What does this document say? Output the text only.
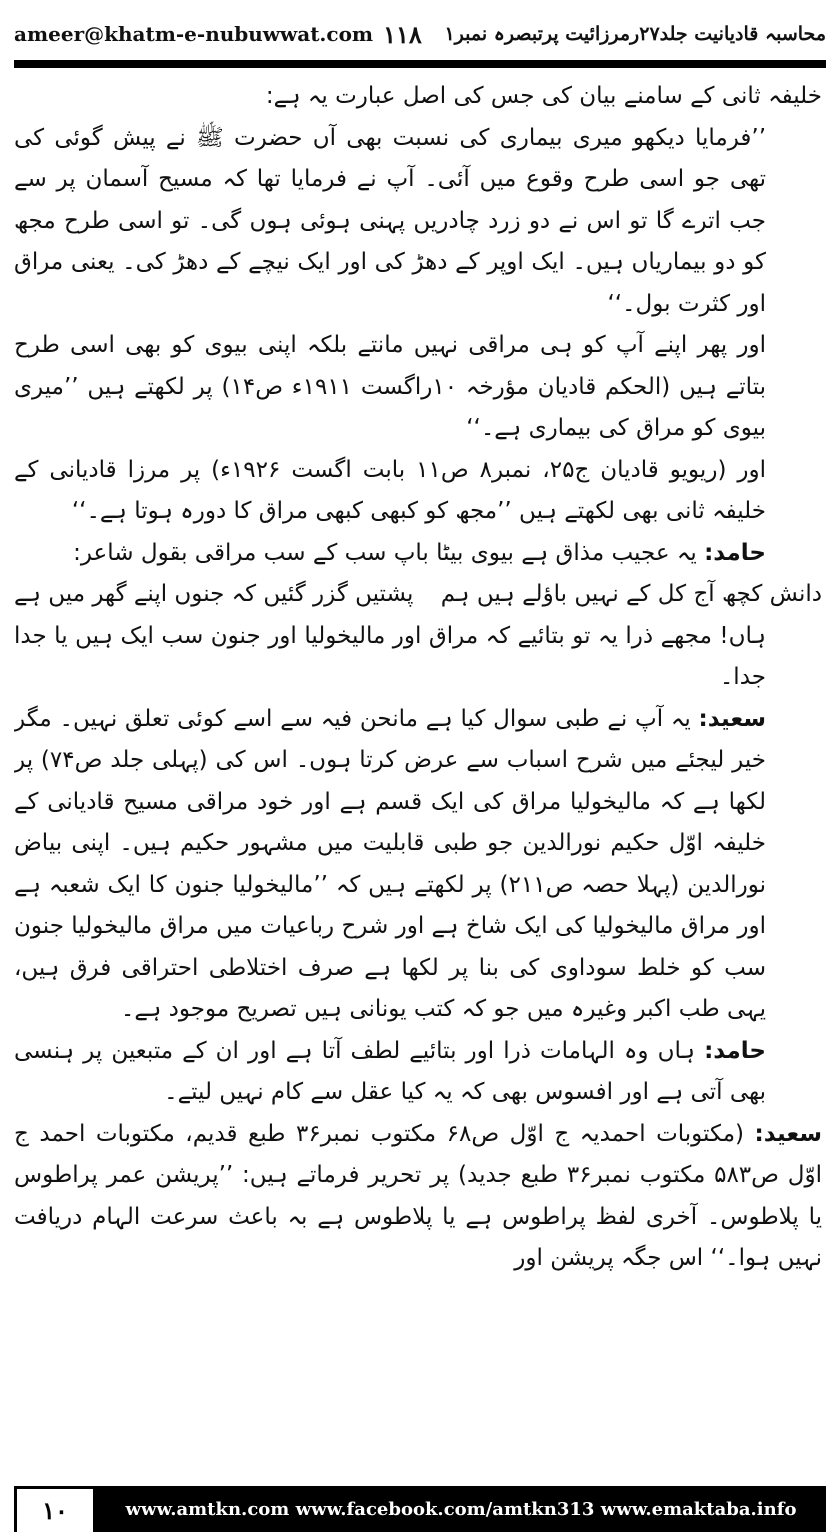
ameer@khatm-e-nubuwwat.com ۱۱۸ محاسبہ قادیانیت جلد۲۷رمرزائیت پرتبصرہ نمبر۱

خلیفہ ثانی کے سامنے بیان کی جس کی اصل عبارت یہ ہے:

’’فرمایا دیکھو میری بیماری کی نسبت بھی آں حضرت ﷺ نے پیش گوئی کی تھی جو اسی طرح وقوع میں آئی۔ آپ نے فرمایا تھا کہ مسیح آسمان پر سے جب اترے گا تو اس نے دو زرد چادریں پہنی ہوئی ہوں گی۔ تو اسی طرح مجھ کو دو بیماریاں ہیں۔ ایک اوپر کے دھڑ کی اور ایک نیچے کے دھڑ کی۔ یعنی مراق اور کثرت بول۔‘‘

اور پھر اپنے آپ کو ہی مراقی نہیں مانتے بلکہ اپنی بیوی کو بھی اسی طرح بتاتے ہیں (الحکم قادیان مؤرخہ ۱۰راگست ۱۹۱۱ء ص۱۴) پر لکھتے ہیں ’’میری بیوی کو مراق کی بیماری ہے۔‘‘

اور (ریویو قادیان ج۲۵، نمبر۸ ص۱۱ بابت اگست ۱۹۲۶ء) پر مرزا قادیانی کے خلیفہ ثانی بھی لکھتے ہیں ’’مجھ کو کبھی کبھی مراق کا دورہ ہوتا ہے۔‘‘

حامد: یہ عجیب مذاق ہے بیوی بیٹا باپ سب کے سب مراقی بقول شاعر:

دانش کچھ آج کل کے نہیں باؤلے ہیں ہم
پشتیں گزر گئیں کہ جنوں اپنے گھر میں ہے

ہاں! مجھے ذرا یہ تو بتائیے کہ مراق اور مالیخولیا اور جنون سب ایک ہیں یا جدا جدا۔

سعید: یہ آپ نے طبی سوال کیا ہے مانحن فیہ سے اسے کوئی تعلق نہیں۔ مگر خیر لیجئے میں شرح اسباب سے عرض کرتا ہوں۔ اس کی (پہلی جلد ص۷۴) پر لکھا ہے کہ مالیخولیا مراق کی ایک قسم ہے اور خود مراقی مسیح قادیانی کے خلیفہ اوّل حکیم نورالدین جو طبی قابلیت میں مشہور حکیم ہیں۔ اپنی بیاض نورالدین (پہلا حصہ ص۲۱۱) پر لکھتے ہیں کہ ’’مالیخولیا جنون کا ایک شعبہ ہے اور مراق مالیخولیا کی ایک شاخ ہے اور شرح رباعیات میں مراق مالیخولیا جنون سب کو خلط سوداوی کی بنا پر لکھا ہے صرف اختلاطی احتراقی فرق ہیں، یہی طب اکبر وغیرہ میں جو کہ کتب یونانی ہیں تصریح موجود ہے۔

حامد: ہاں وہ الہامات ذرا اور بتائیے لطف آتا ہے اور ان کے متبعین پر ہنسی بھی آتی ہے اور افسوس بھی کہ یہ کیا عقل سے کام نہیں لیتے۔

سعید: (مکتوبات احمدیہ ج اوّل ص۶۸ مکتوب نمبر۳۶ طبع قدیم، مکتوبات احمد ج اوّل ص۵۸۳ مکتوب نمبر۳۶ طبع جدید) پر تحریر فرماتے ہیں: ’’پریشن عمر پراطوس یا پلاطوس۔ آخری لفظ پراطوس ہے یا پلاطوس ہے بہ باعث سرعت الہام دریافت نہیں ہوا۔‘‘ اس جگہ پریشن اور

۱۰	www.amtkn.com www.facebook.com/amtkn313 www.emaktaba.info
